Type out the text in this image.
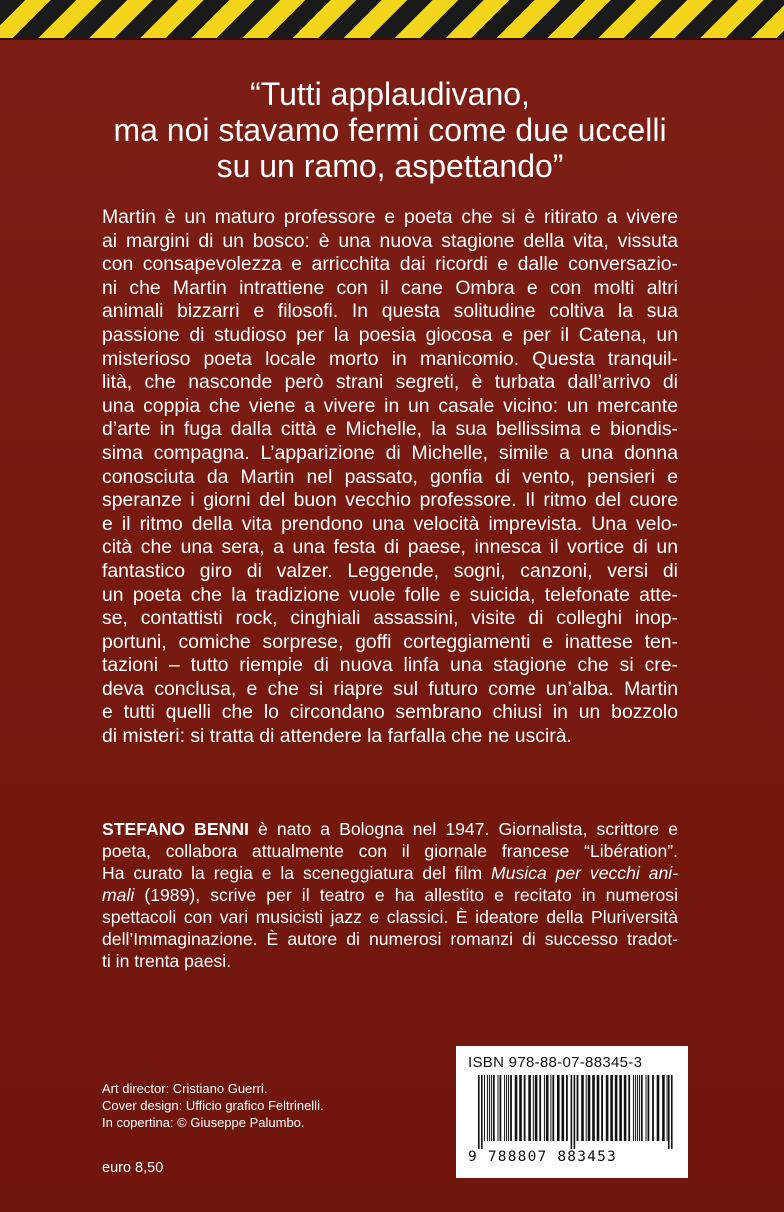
“Tutti applaudivano,
ma noi stavamo fermi come due uccelli
su un ramo, aspettando”
Martin è un maturo professore e poeta che si è ritirato a vivere
ai margini di un bosco: è una nuova stagione della vita, vissuta
con consapevolezza e arricchita dai ricordi e dalle conversazio-
ni che Martin intrattiene con il cane Ombra e con molti altri
animali bizzarri e filosofi. In questa solitudine coltiva la sua
passione di studioso per la poesia giocosa e per il Catena, un
misterioso poeta locale morto in manicomio. Questa tranquil-
lità, che nasconde però strani segreti, è turbata dall’arrivo di
una coppia che viene a vivere in un casale vicino: un mercante
d’arte in fuga dalla città e Michelle, la sua bellissima e biondis-
sima compagna. L’apparizione di Michelle, simile a una donna
conosciuta da Martin nel passato, gonfia di vento, pensieri e
speranze i giorni del buon vecchio professore. Il ritmo del cuore
e il ritmo della vita prendono una velocità imprevista. Una velo-
cità che una sera, a una festa di paese, innesca il vortice di un
fantastico giro di valzer. Leggende, sogni, canzoni, versi di
un poeta che la tradizione vuole folle e suicida, telefonate atte-
se, contattisti rock, cinghiali assassini, visite di colleghi inop-
portuni, comiche sorprese, goffi corteggiamenti e inattese ten-
tazioni – tutto riempie di nuova linfa una stagione che si cre-
deva conclusa, e che si riapre sul futuro come un’alba. Martin
e tutti quelli che lo circondano sembrano chiusi in un bozzolo
di misteri: si tratta di attendere la farfalla che ne uscirà.
STEFANO BENNI è nato a Bologna nel 1947. Giornalista, scrittore e
poeta, collabora attualmente con il giornale francese “Libération”.
Ha curato la regia e la sceneggiatura del film Musica per vecchi ani-
mali (1989), scrive per il teatro e ha allestito e recitato in numerosi
spettacoli con vari musicisti jazz e classici. È ideatore della Pluriversità
dell’Immaginazione. È autore di numerosi romanzi di successo tradot-
ti in trenta paesi.
Art director: Cristiano Guerri.
Cover design: Ufficio grafico Feltrinelli.
In copertina: © Giuseppe Palumbo.
euro 8,50
ISBN 978-88-07-88345-3
9 788807 883453
